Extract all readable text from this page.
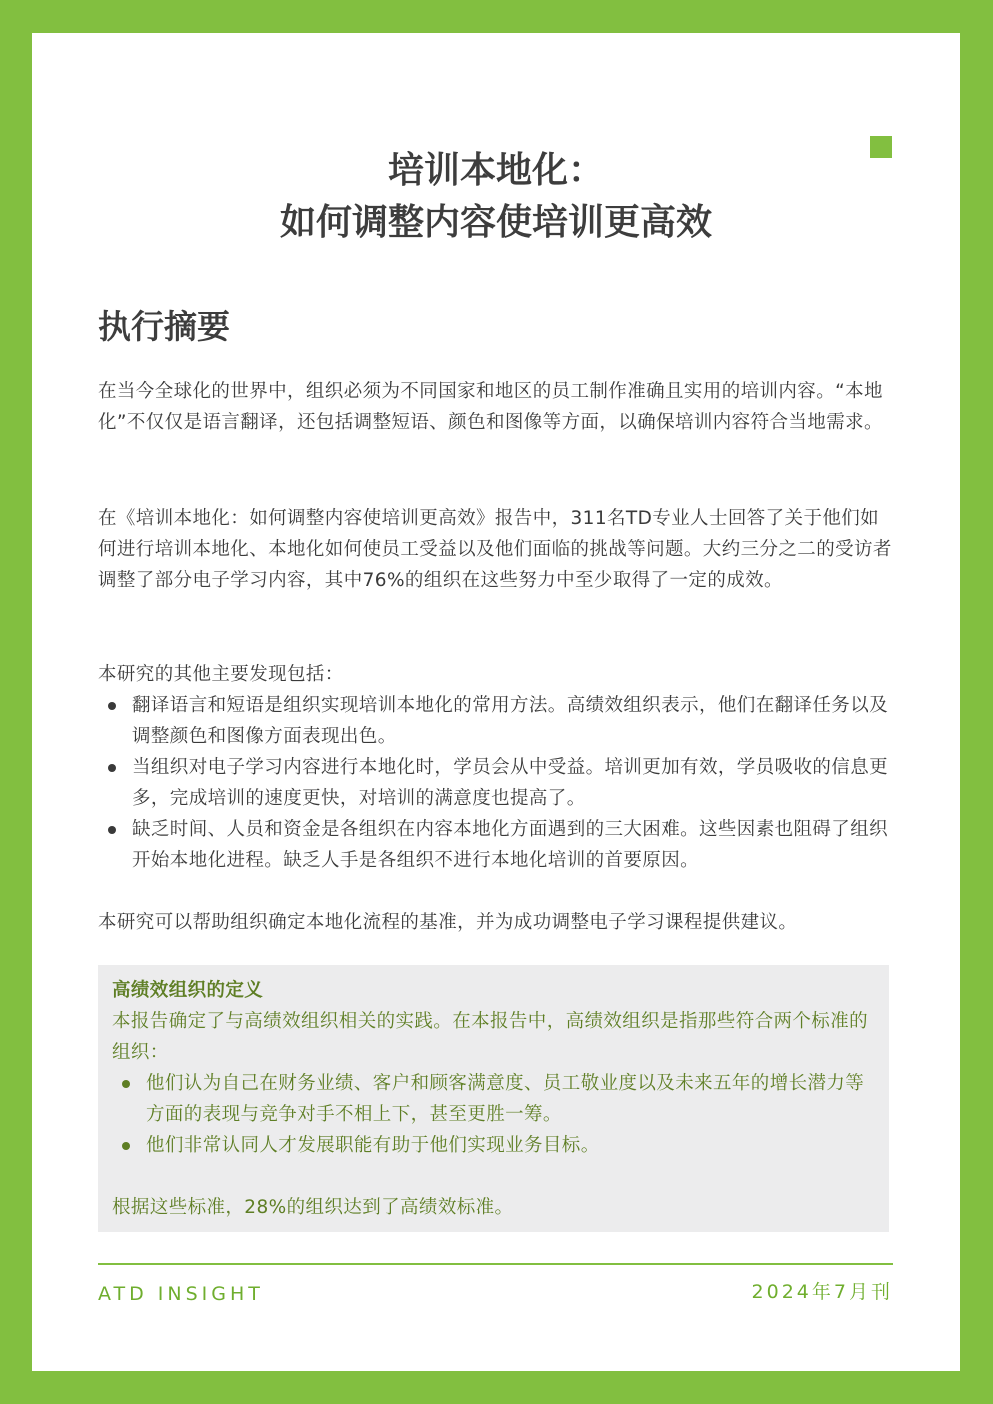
培训本地化：
如何调整内容使培训更高效
执行摘要

在当今全球化的世界中，组织必须为不同国家和地区的员工制作准确且实用的培训内容。“本地化”不仅仅是语言翻译，还包括调整短语、颜色和图像等方面，以确保培训内容符合当地需求。

在《培训本地化：如何调整内容使培训更高效》报告中，311名TD专业人士回答了关于他们如何进行培训本地化、本地化如何使员工受益以及他们面临的挑战等问题。大约三分之二的受访者调整了部分电子学习内容，其中76%的组织在这些努力中至少取得了一定的成效。

本研究的其他主要发现包括：
翻译语言和短语是组织实现培训本地化的常用方法。高绩效组织表示，他们在翻译任务以及调整颜色和图像方面表现出色。
当组织对电子学习内容进行本地化时，学员会从中受益。培训更加有效，学员吸收的信息更多，完成培训的速度更快，对培训的满意度也提高了。
缺乏时间、人员和资金是各组织在内容本地化方面遇到的三大困难。这些因素也阻碍了组织开始本地化进程。缺乏人手是各组织不进行本地化培训的首要原因。

本研究可以帮助组织确定本地化流程的基准，并为成功调整电子学习课程提供建议。

高绩效组织的定义
本报告确定了与高绩效组织相关的实践。在本报告中，高绩效组织是指那些符合两个标准的组织：
他们认为自己在财务业绩、客户和顾客满意度、员工敬业度以及未来五年的增长潜力等方面的表现与竞争对手不相上下，甚至更胜一筹。
他们非常认同人才发展职能有助于他们实现业务目标。
根据这些标准，28%的组织达到了高绩效标准。
ATD INSIGHT	2024年7月刊
